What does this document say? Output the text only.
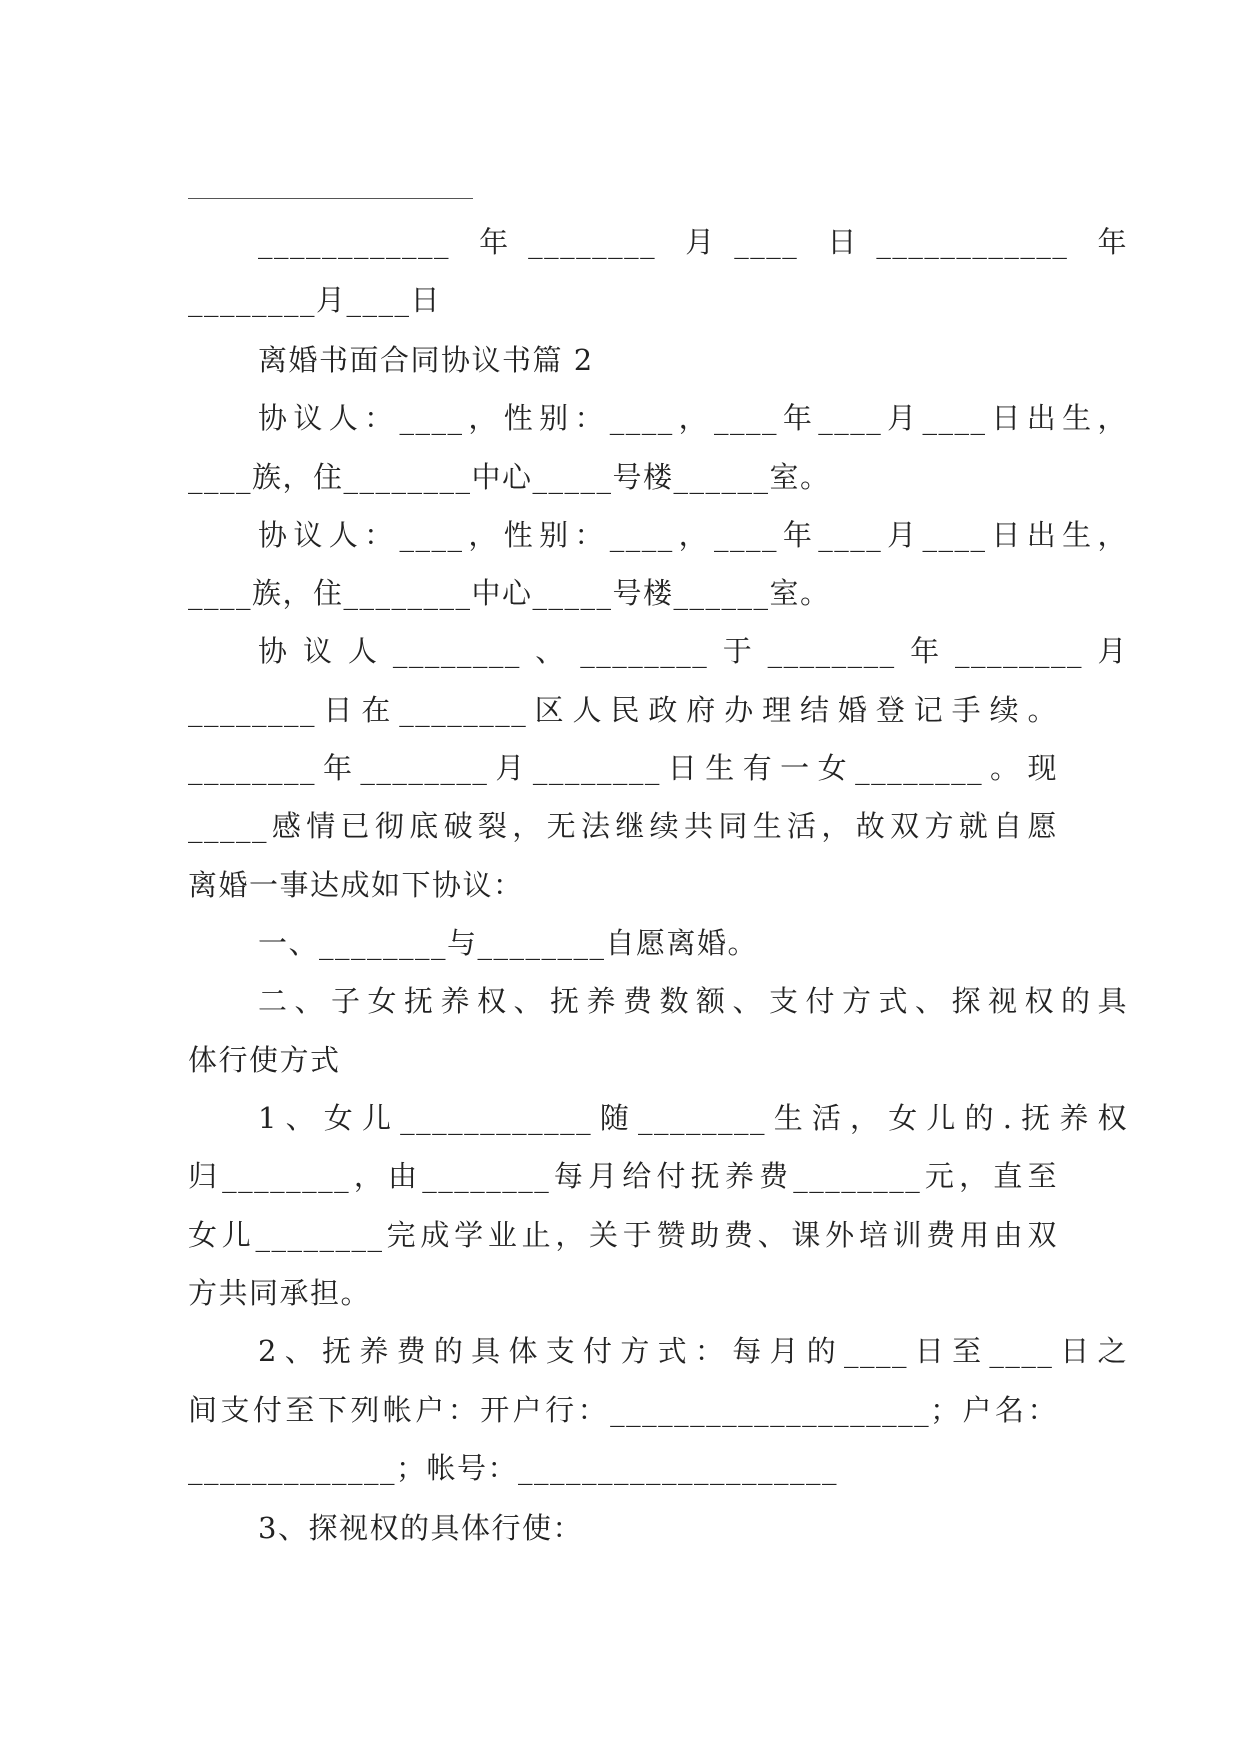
____________ 年________ 月____ 日____________ 年
________月____日
离婚书面合同协议书篇 2
协议人：____，性别：____，____年____月____日出生，
____族，住________中心_____号楼______室。
协议人：____，性别：____，____年____月____日出生，
____族，住________中心_____号楼______室。
协议人________、________于________年________月
________日在________区人民政府办理结婚登记手续。
________年________月________日生有一女________。现
_____感情已彻底破裂，无法继续共同生活，故双方就自愿
离婚一事达成如下协议：
一、________与________自愿离婚。
二、子女抚养权、抚养费数额、支付方式、探视权的具
体行使方式
1、女儿____________随________生活，女儿的.抚养权
归________，由________每月给付抚养费________元，直至
女儿________完成学业止，关于赞助费、课外培训费用由双
方共同承担。
2、抚养费的具体支付方式：每月的____日至____日之
间支付至下列帐户：开户行：____________________；户名：
_____________；帐号：____________________
3、探视权的具体行使：
